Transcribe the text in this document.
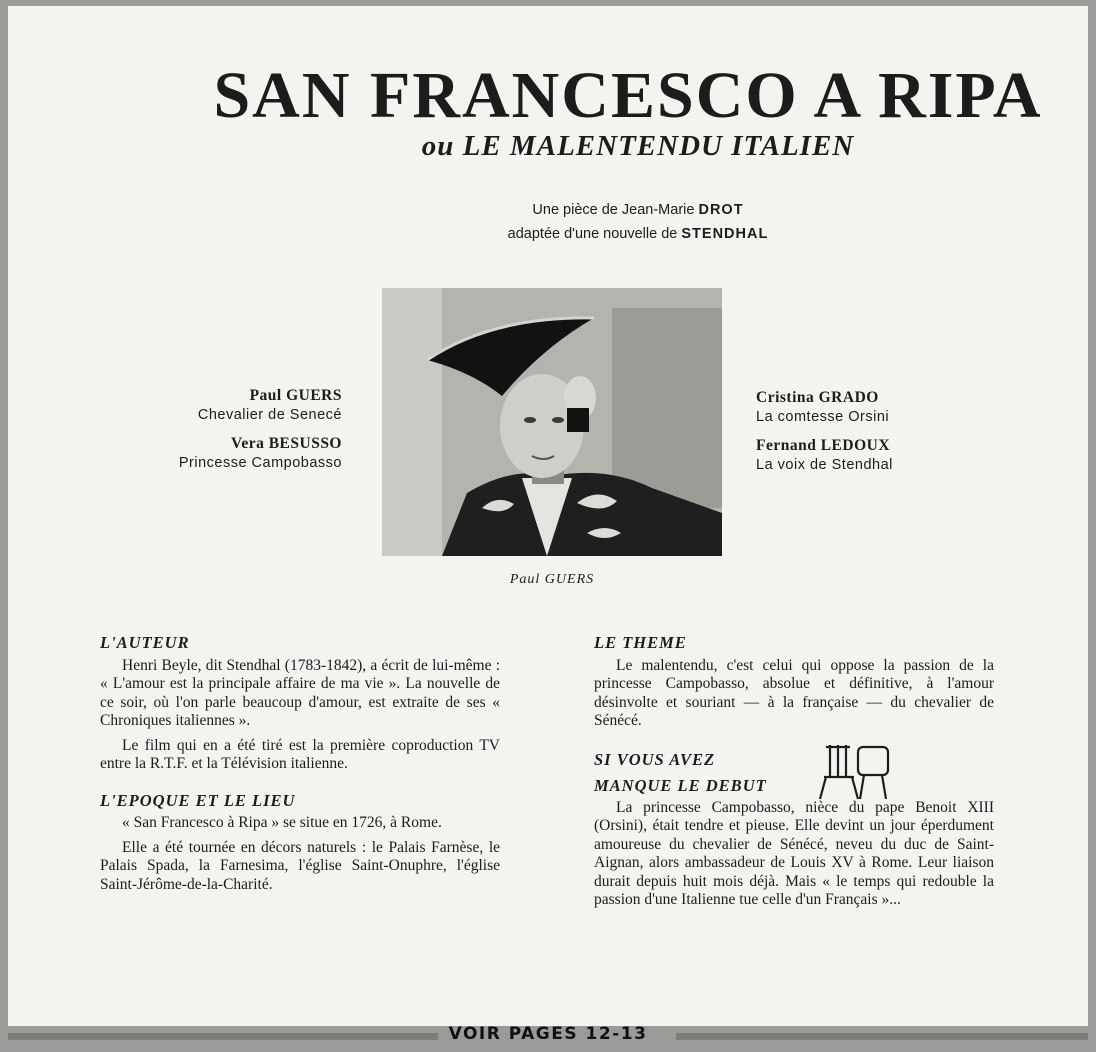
SAN FRANCESCO A RIPA
ou LE MALENTENDU ITALIEN
Une pièce de Jean-Marie DROT
adaptée d'une nouvelle de STENDHAL
Paul GUERS
Chevalier de Senecé
Vera BESUSSO
Princesse Campobasso
Paul GUERS
Cristina GRADO
La comtesse Orsini
Fernand LEDOUX
La voix de Stendhal
L'AUTEUR

Henri Beyle, dit Stendhal (1783-1842), a écrit de lui-même : « L'amour est la principale affaire de ma vie ». La nouvelle de ce soir, où l'on parle beaucoup d'amour, est extraite de ses « Chroniques italiennes ».

Le film qui en a été tiré est la première coproduction TV entre la R.T.F. et la Télévision italienne.

L'EPOQUE ET LE LIEU

« San Francesco à Ripa » se situe en 1726, à Rome.

Elle a été tournée en décors naturels : le Palais Farnèse, le Palais Spada, la Farnesima, l'église Saint-Onuphre, l'église Saint-Jérôme-de-la-Charité.

LE THEME

Le malentendu, c'est celui qui oppose la passion de la princesse Campobasso, absolue et définitive, à l'amour désinvolte et souriant — à la française — du chevalier de Sénécé.

SI VOUS AVEZ
MANQUE LE DEBUT

La princesse Campobasso, nièce du pape Benoit XIII (Orsini), était tendre et pieuse. Elle devint un jour éperdument amoureuse du chevalier de Sénécé, neveu du duc de Saint-Aignan, alors ambassadeur de Louis XV à Rome. Leur liaison durait depuis huit mois déjà. Mais « le temps qui redouble la passion d'une Italienne tue celle d'un Français »...

VOIR PAGES 12-13
